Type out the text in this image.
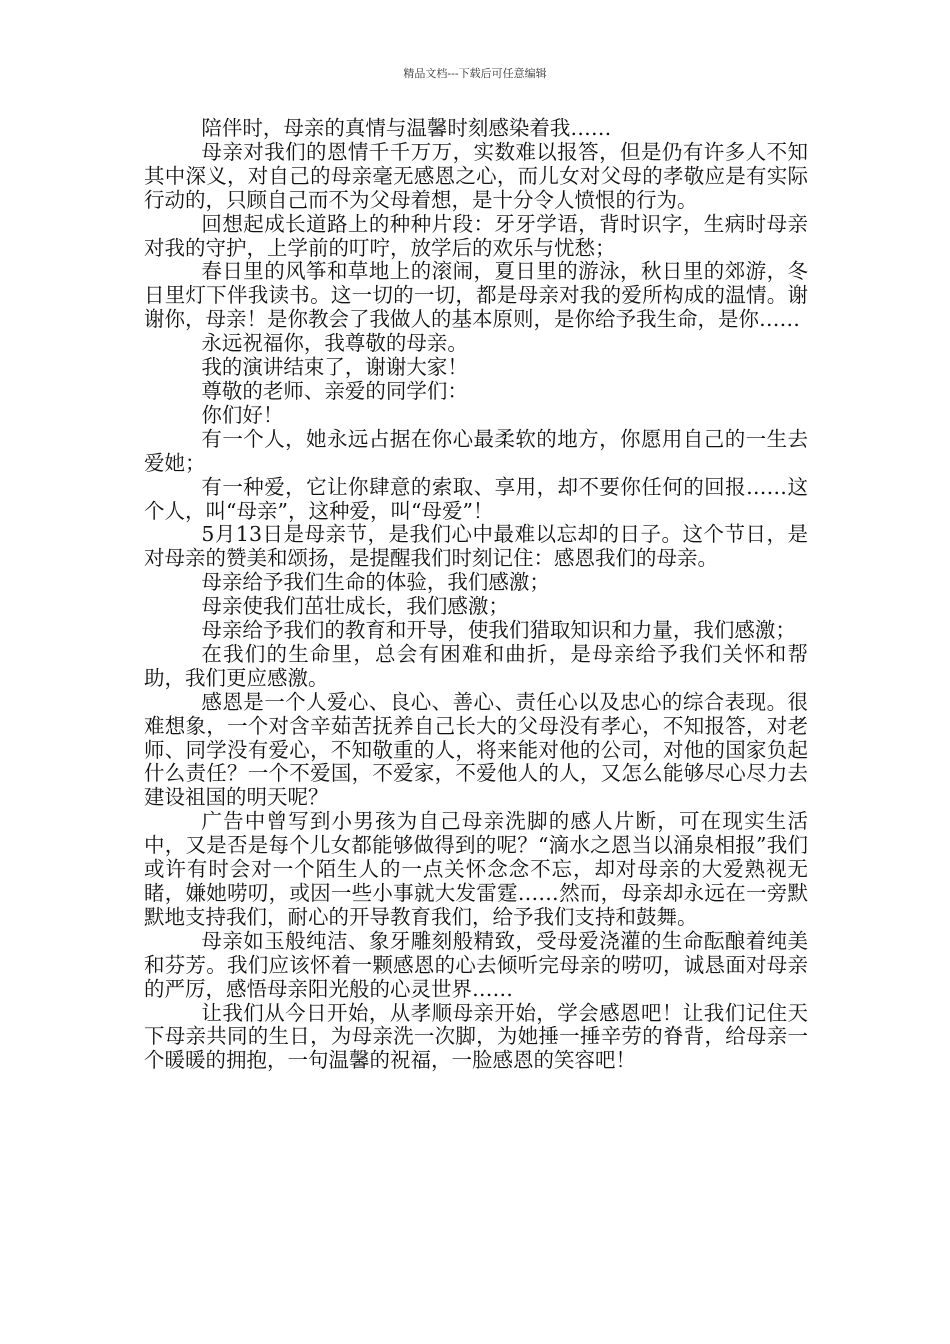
精品文档---下载后可任意编辑

陪伴时，母亲的真情与温馨时刻感染着我……

母亲对我们的恩情千千万万，实数难以报答，但是仍有许多人不知其中深义，对自己的母亲毫无感恩之心，而儿女对父母的孝敬应是有实际行动的，只顾自己而不为父母着想，是十分令人愤恨的行为。

回想起成长道路上的种种片段：牙牙学语，背时识字，生病时母亲对我的守护，上学前的叮咛，放学后的欢乐与忧愁；

春日里的风筝和草地上的滚闹，夏日里的游泳，秋日里的郊游，冬日里灯下伴我读书。这一切的一切，都是母亲对我的爱所构成的温情。谢谢你，母亲！是你教会了我做人的基本原则，是你给予我生命，是你……

永远祝福你，我尊敬的母亲。

我的演讲结束了，谢谢大家！

尊敬的老师、亲爱的同学们：

你们好！

有一个人，她永远占据在你心最柔软的地方，你愿用自己的一生去爱她；

有一种爱，它让你肆意的索取、享用，却不要你任何的回报……这个人，叫“母亲”，这种爱，叫“母爱”！

5月13日是母亲节，是我们心中最难以忘却的日子。这个节日，是对母亲的赞美和颂扬，是提醒我们时刻记住：感恩我们的母亲。

母亲给予我们生命的体验，我们感激；

母亲使我们茁壮成长，我们感激；

母亲给予我们的教育和开导，使我们猎取知识和力量，我们感激；

在我们的生命里，总会有困难和曲折，是母亲给予我们关怀和帮助，我们更应感激。

感恩是一个人爱心、良心、善心、责任心以及忠心的综合表现。很难想象，一个对含辛茹苦抚养自己长大的父母没有孝心，不知报答，对老师、同学没有爱心，不知敬重的人，将来能对他的公司，对他的国家负起什么责任？一个不爱国，不爱家，不爱他人的人，又怎么能够尽心尽力去建设祖国的明天呢？

广告中曾写到小男孩为自己母亲洗脚的感人片断，可在现实生活中，又是否是每个儿女都能够做得到的呢？“滴水之恩当以涌泉相报”我们或许有时会对一个陌生人的一点关怀念念不忘，却对母亲的大爱熟视无睹，嫌她唠叨，或因一些小事就大发雷霆……然而，母亲却永远在一旁默默地支持我们，耐心的开导教育我们，给予我们支持和鼓舞。

母亲如玉般纯洁、象牙雕刻般精致，受母爱浇灌的生命酝酿着纯美和芬芳。我们应该怀着一颗感恩的心去倾听完母亲的唠叨，诚恳面对母亲的严厉，感悟母亲阳光般的心灵世界……

让我们从今日开始，从孝顺母亲开始，学会感恩吧！让我们记住天下母亲共同的生日，为母亲洗一次脚，为她捶一捶辛劳的脊背，给母亲一个暖暖的拥抱，一句温馨的祝福，一脸感恩的笑容吧！
